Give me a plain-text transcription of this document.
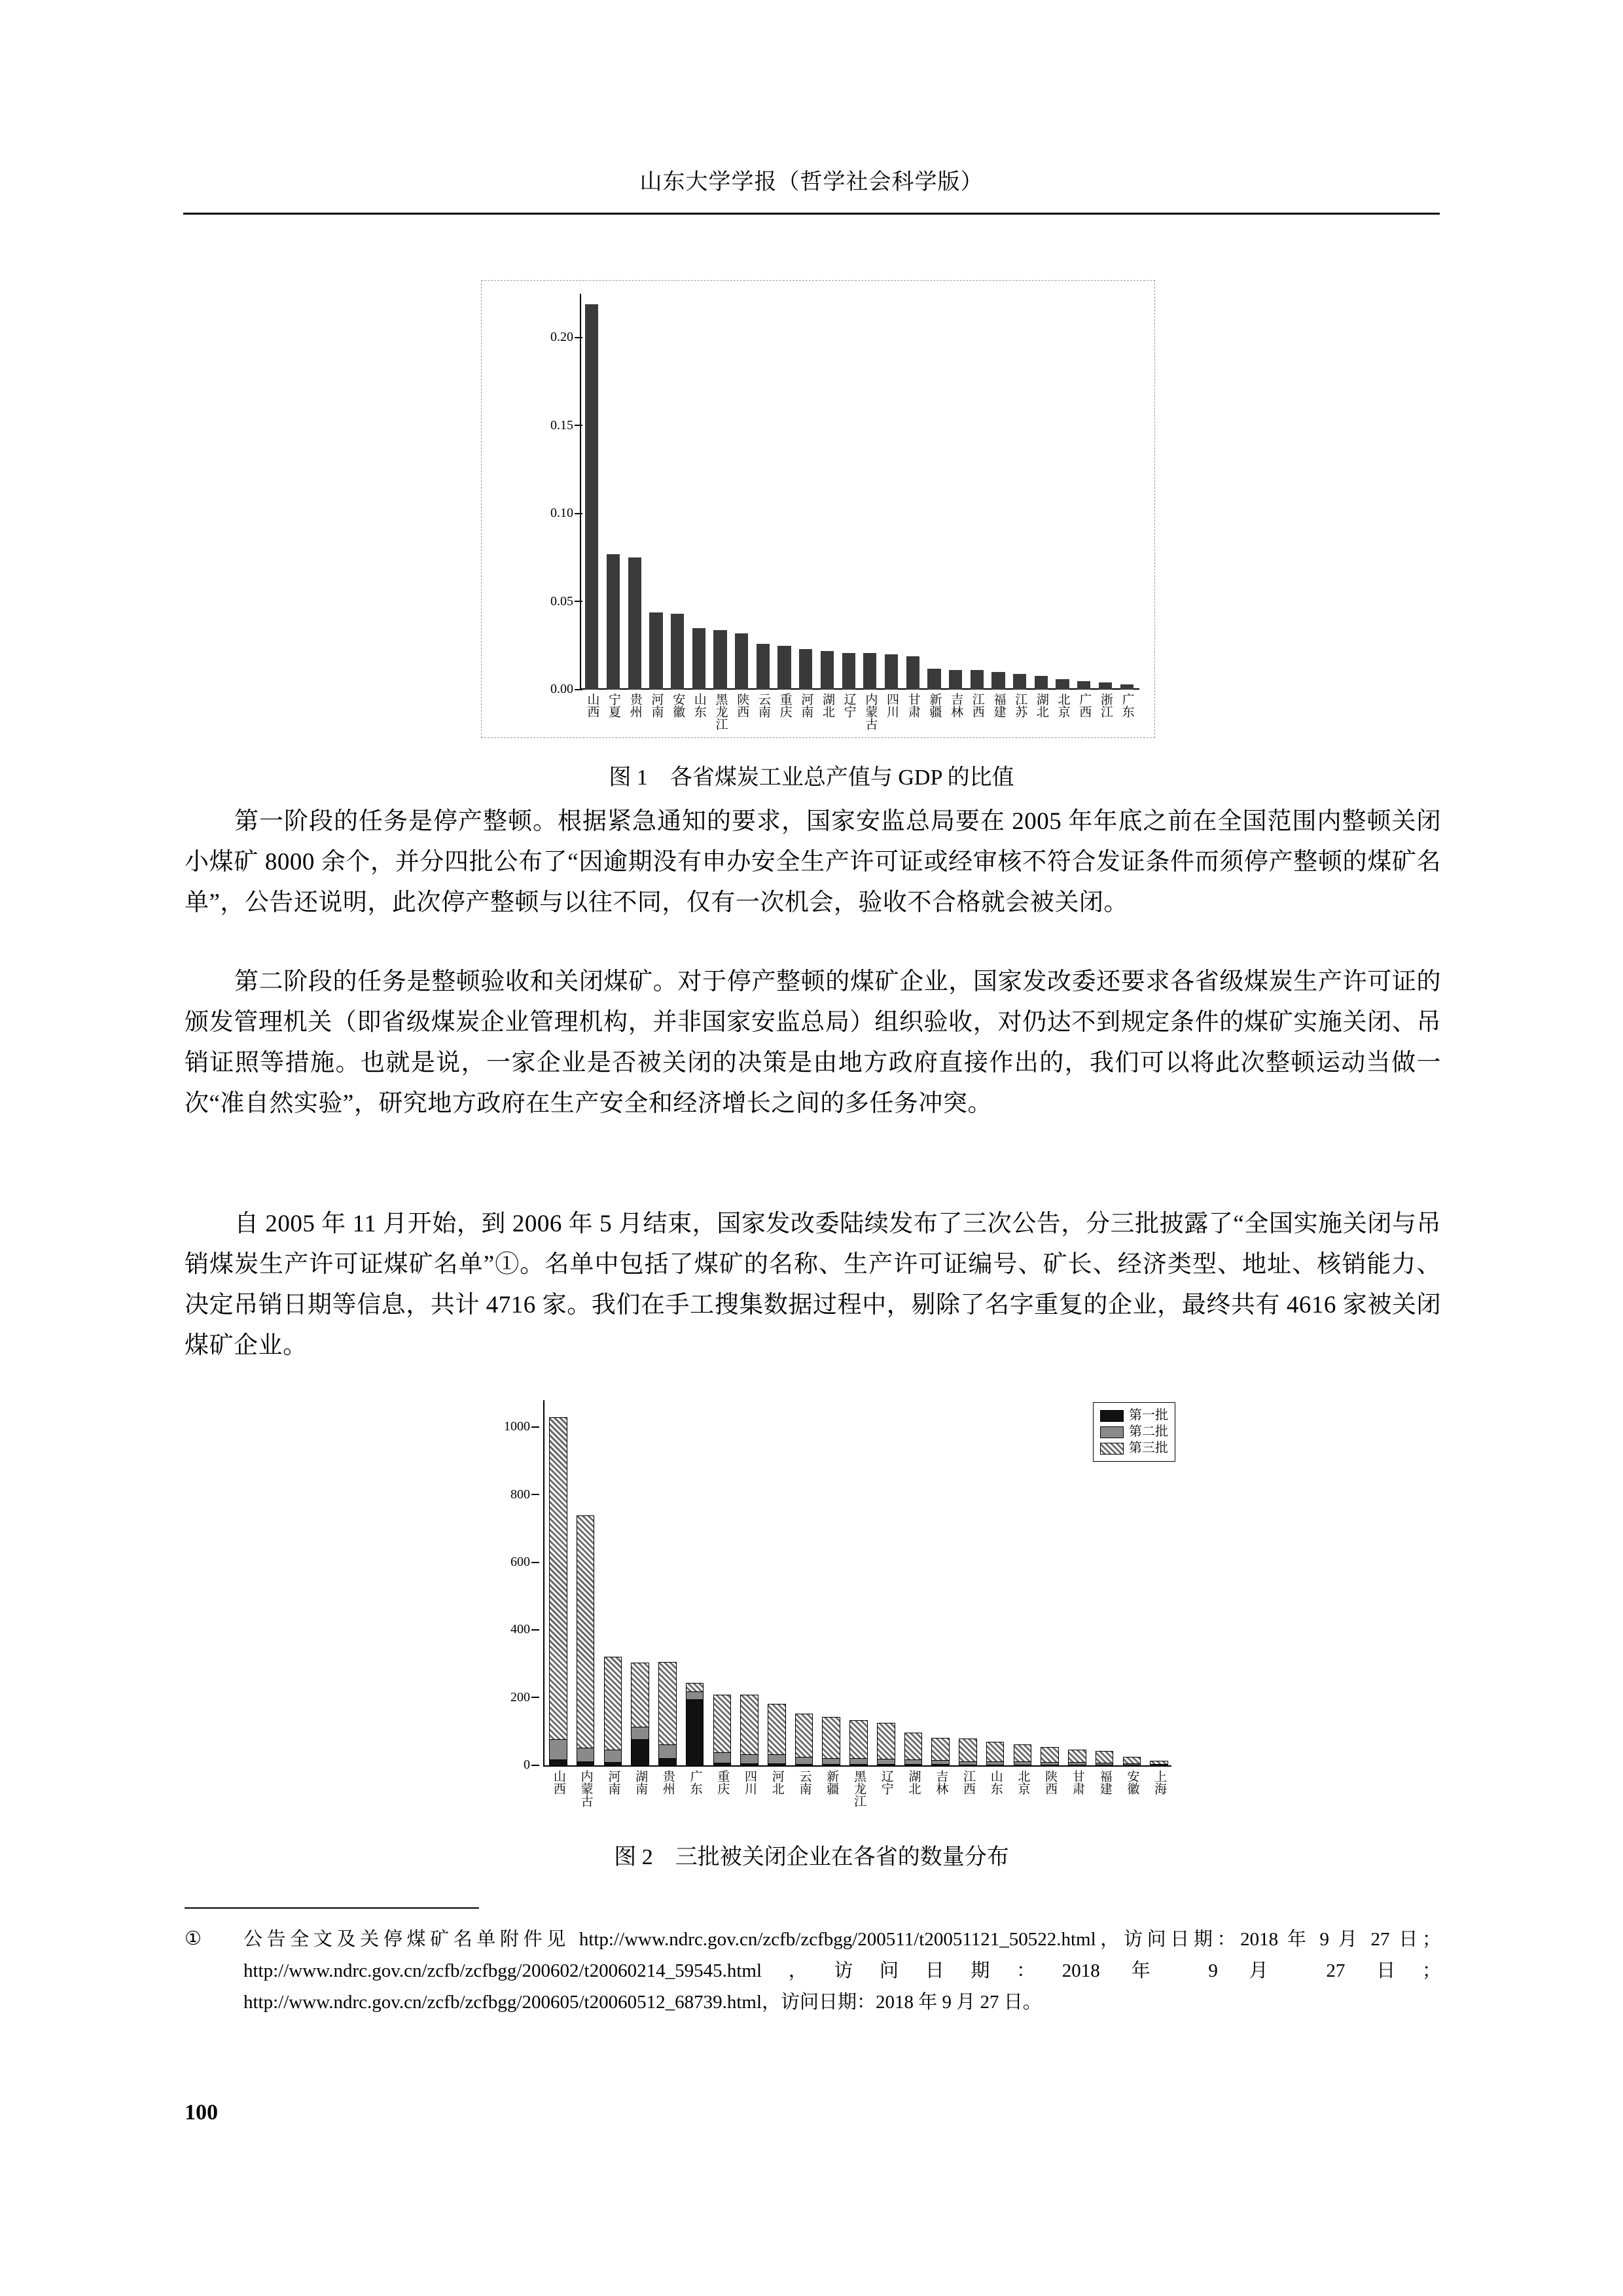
山东大学学报（哲学社会科学版）
0.00
0.05
0.10
0.15
0.20
山西 宁夏 贵州 河南 安徽 山东 黑龙江 陕西 云南 重庆 河南 湖北 辽宁 内蒙古 四川 甘肃 新疆 吉林 江西 福建 江苏 湖北 北京 广西 浙江 广东
图 1　各省煤炭工业总产值与 GDP 的比值
第一阶段的任务是停产整顿。根据紧急通知的要求，国家安监总局要在 2005 年年底之前在全国范围内整顿关闭小煤矿 8000 余个，并分四批公布了“因逾期没有申办安全生产许可证或经审核不符合发证条件而须停产整顿的煤矿名单”，公告还说明，此次停产整顿与以往不同，仅有一次机会，验收不合格就会被关闭。
第二阶段的任务是整顿验收和关闭煤矿。对于停产整顿的煤矿企业，国家发改委还要求各省级煤炭生产许可证的颁发管理机关（即省级煤炭企业管理机构，并非国家安监总局）组织验收，对仍达不到规定条件的煤矿实施关闭、吊销证照等措施。也就是说，一家企业是否被关闭的决策是由地方政府直接作出的，我们可以将此次整顿运动当做一次“准自然实验”，研究地方政府在生产安全和经济增长之间的多任务冲突。
自 2005 年 11 月开始，到 2006 年 5 月结束，国家发改委陆续发布了三次公告，分三批披露了“全国实施关闭与吊销煤炭生产许可证煤矿名单”①。名单中包括了煤矿的名称、生产许可证编号、矿长、经济类型、地址、核销能力、决定吊销日期等信息，共计 4716 家。我们在手工搜集数据过程中，剔除了名字重复的企业，最终共有 4616 家被关闭煤矿企业。
0
200
400
600
800
1000
山西 内蒙古 河南 湖南 贵州 广东 重庆 四川 河北 云南 新疆 黑龙江 辽宁 湖北 吉林 江西 山东 北京 陕西 甘肃 福建 安徽 上海
第一批
第二批
第三批
图 2　三批被关闭企业在各省的数量分布
① 公告全文及关停煤矿名单附件见 http://www.ndrc.gov.cn/zcfb/zcfbgg/200511/t20051121_50522.html，访问日期：2018 年 9 月 27 日；http://www.ndrc.gov.cn/zcfb/zcfbgg/200602/t20060214_59545.html，访问日期：2018 年 9 月 27 日；http://www.ndrc.gov.cn/zcfb/zcfbgg/200605/t20060512_68739.html，访问日期：2018 年 9 月 27 日。
100
